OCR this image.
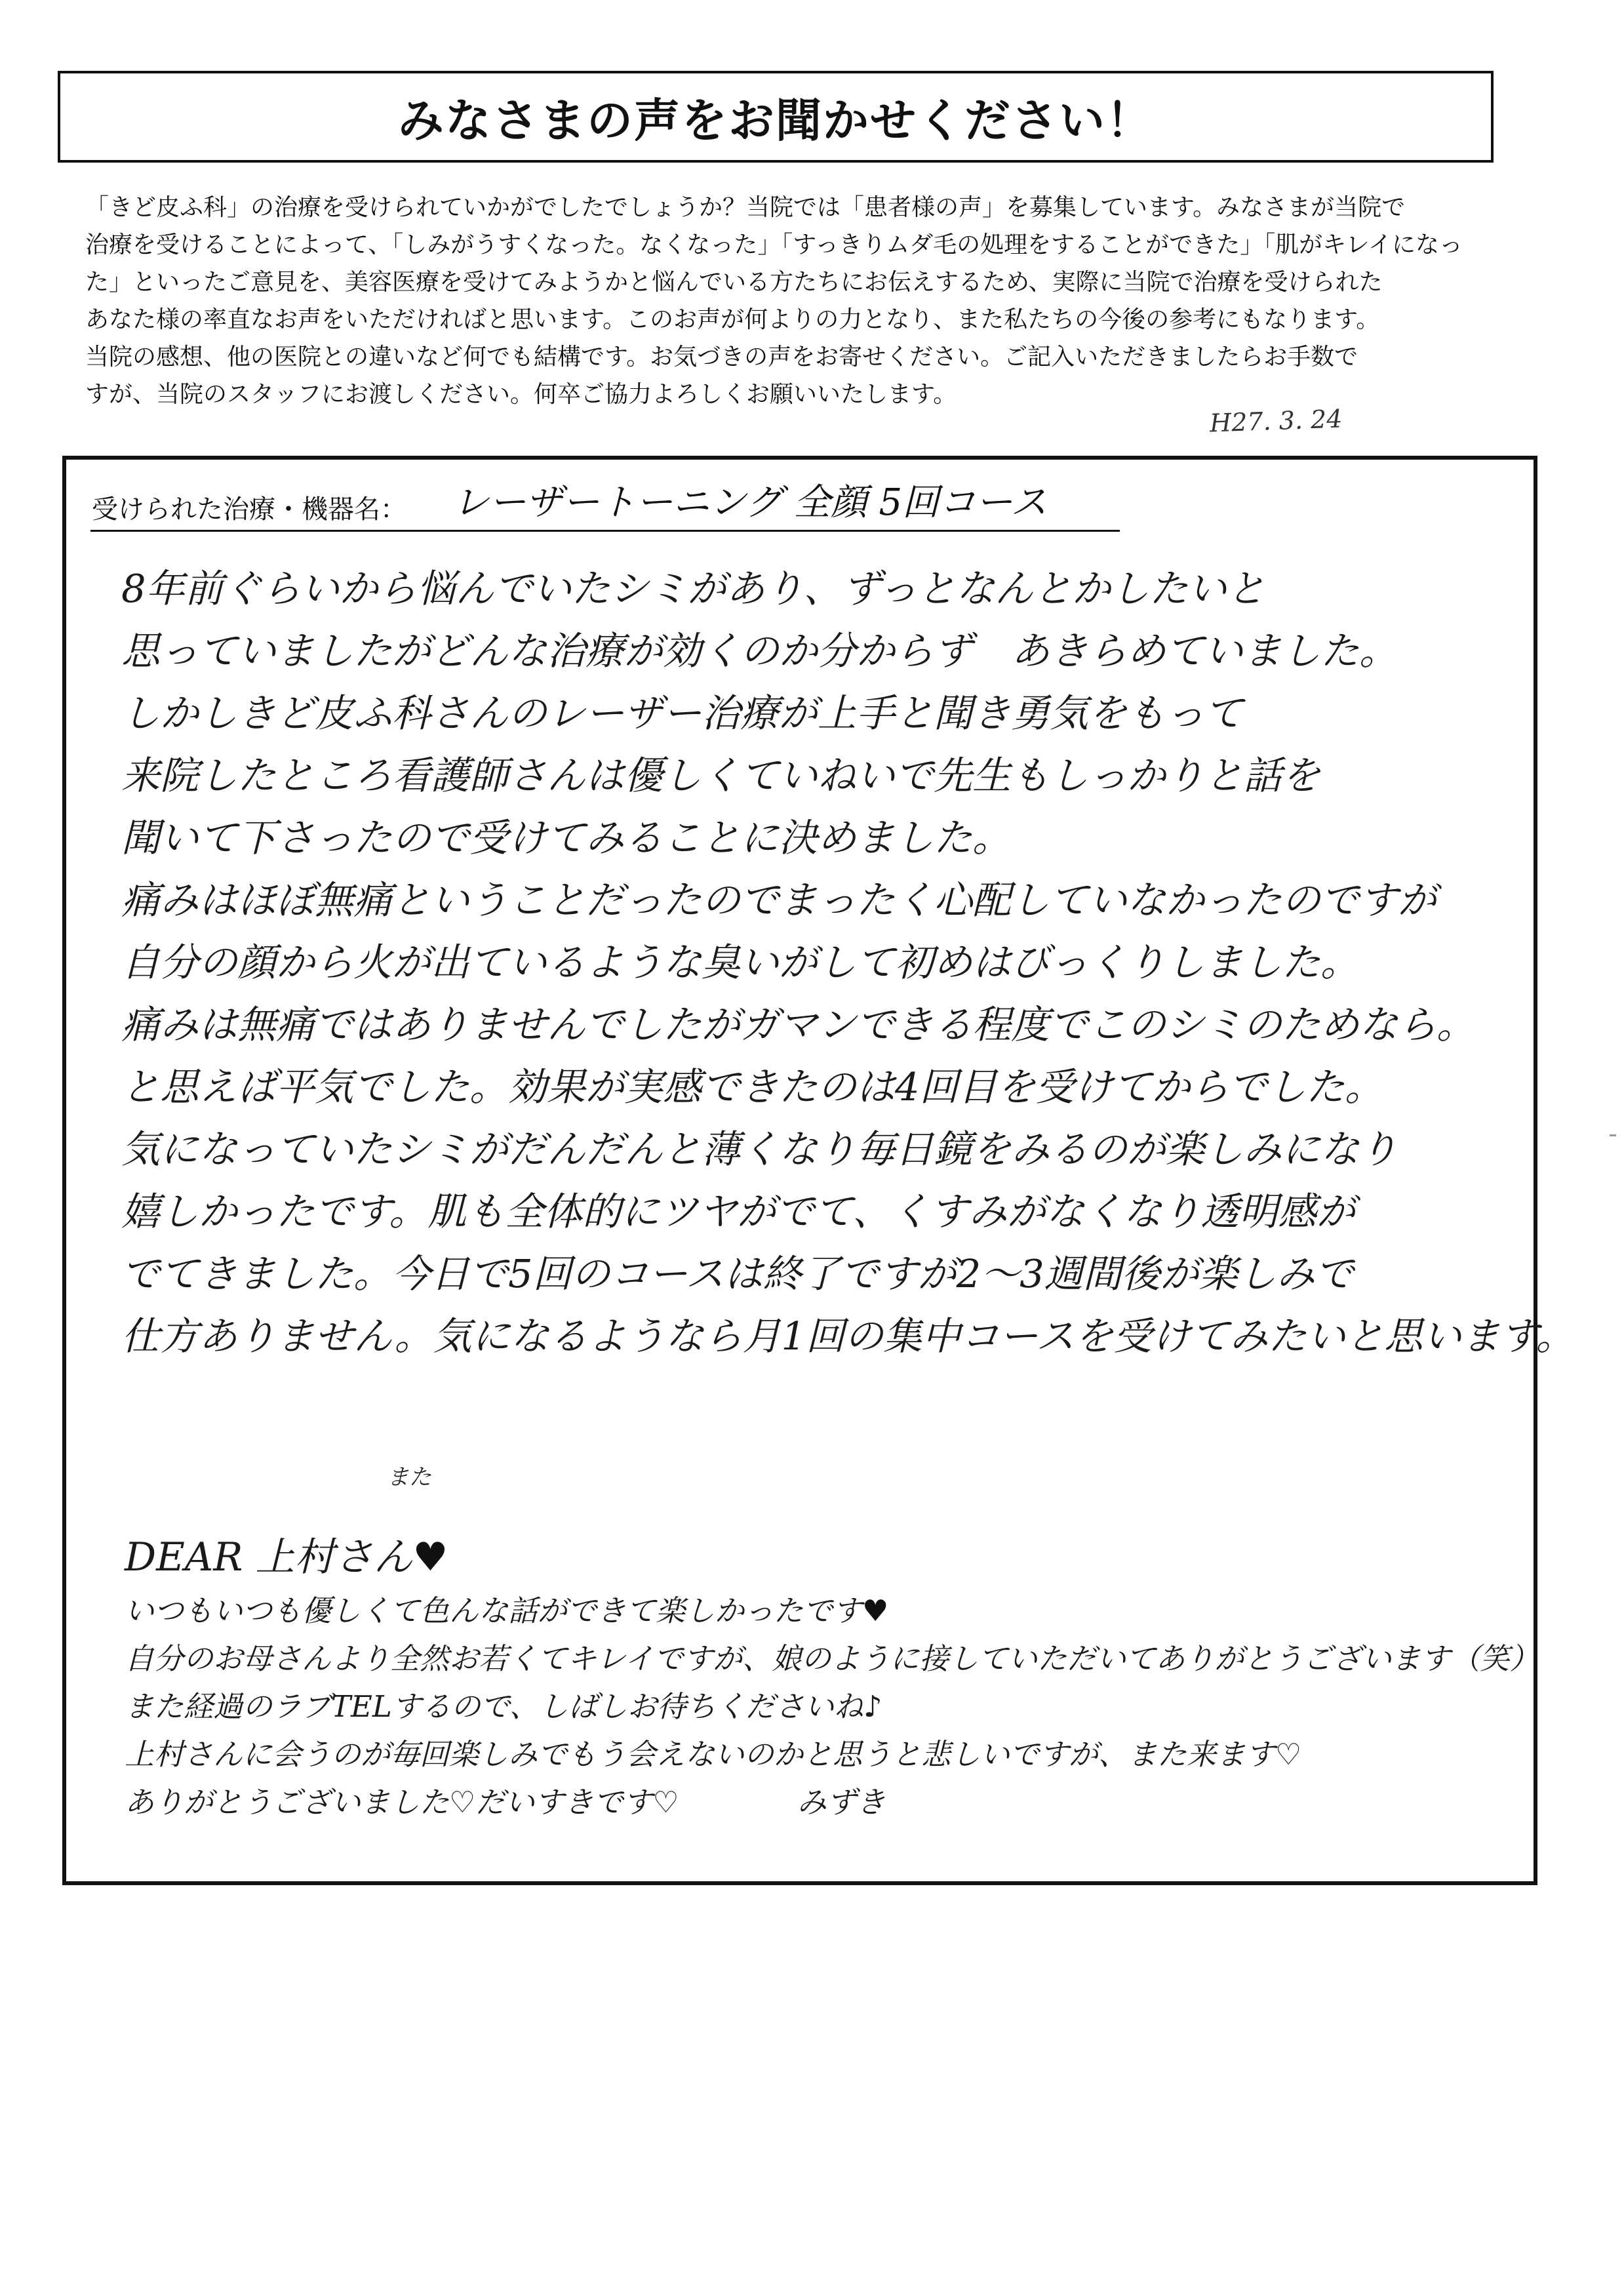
みなさまの声をお聞かせください！
「きど皮ふ科」の治療を受けられていかがでしたでしょうか？当院では「患者様の声」を募集しています。みなさまが当院で
治療を受けることによって、「しみがうすくなった。なくなった」「すっきりムダ毛の処理をすることができた」「肌がキレイになっ
た」といったご意見を、美容医療を受けてみようかと悩んでいる方たちにお伝えするため、実際に当院で治療を受けられた
あなた様の率直なお声をいただければと思います。このお声が何よりの力となり、また私たちの今後の参考にもなります。
当院の感想、他の医院との違いなど何でも結構です。お気づきの声をお寄せください。ご記入いただきましたらお手数で
すが、当院のスタッフにお渡しください。何卒ご協力よろしくお願いいたします。
H27. 3. 24
受けられた治療・機器名： レーザートーニング 全顔 5回コース
8年前ぐらいから悩んでいたシミがあり、ずっとなんとかしたいと
思っていましたがどんな治療が効くのか分からず　あきらめていました。
しかしきど皮ふ科さんのレーザー治療が上手と聞き勇気をもって
来院したところ看護師さんは優しくていねいで先生もしっかりと話を
聞いて下さったので受けてみることに決めました。
痛みはほぼ無痛ということだったのでまったく心配していなかったのですが
自分の顔から火が出ているような臭いがして初めはびっくりしました。
痛みは無痛ではありませんでしたがガマンできる程度でこのシミのためなら。
と思えば平気でした。効果が実感できたのは4回目を受けてからでした。
気になっていたシミがだんだんと薄くなり毎日鏡をみるのが楽しみになり
嬉しかったです。肌も全体的にツヤがでて、くすみがなくなり透明感が
でてきました。今日で5回のコースは終了ですが2〜3週間後が楽しみで
仕方ありません。気になるようなら月1回の集中コースを受けてみたいと思います。
また
DEAR 上村さん♥
いつもいつも優しくて色んな話ができて楽しかったです♥
自分のお母さんより全然お若くてキレイですが、娘のように接していただいてありがとうございます（笑）
また経過のラブTELするので、しばしお待ちくださいね♪
上村さんに会うのが毎回楽しみでもう会えないのかと思うと悲しいですが、また来ます♡
ありがとうございました♡だいすきです♡	みずき
